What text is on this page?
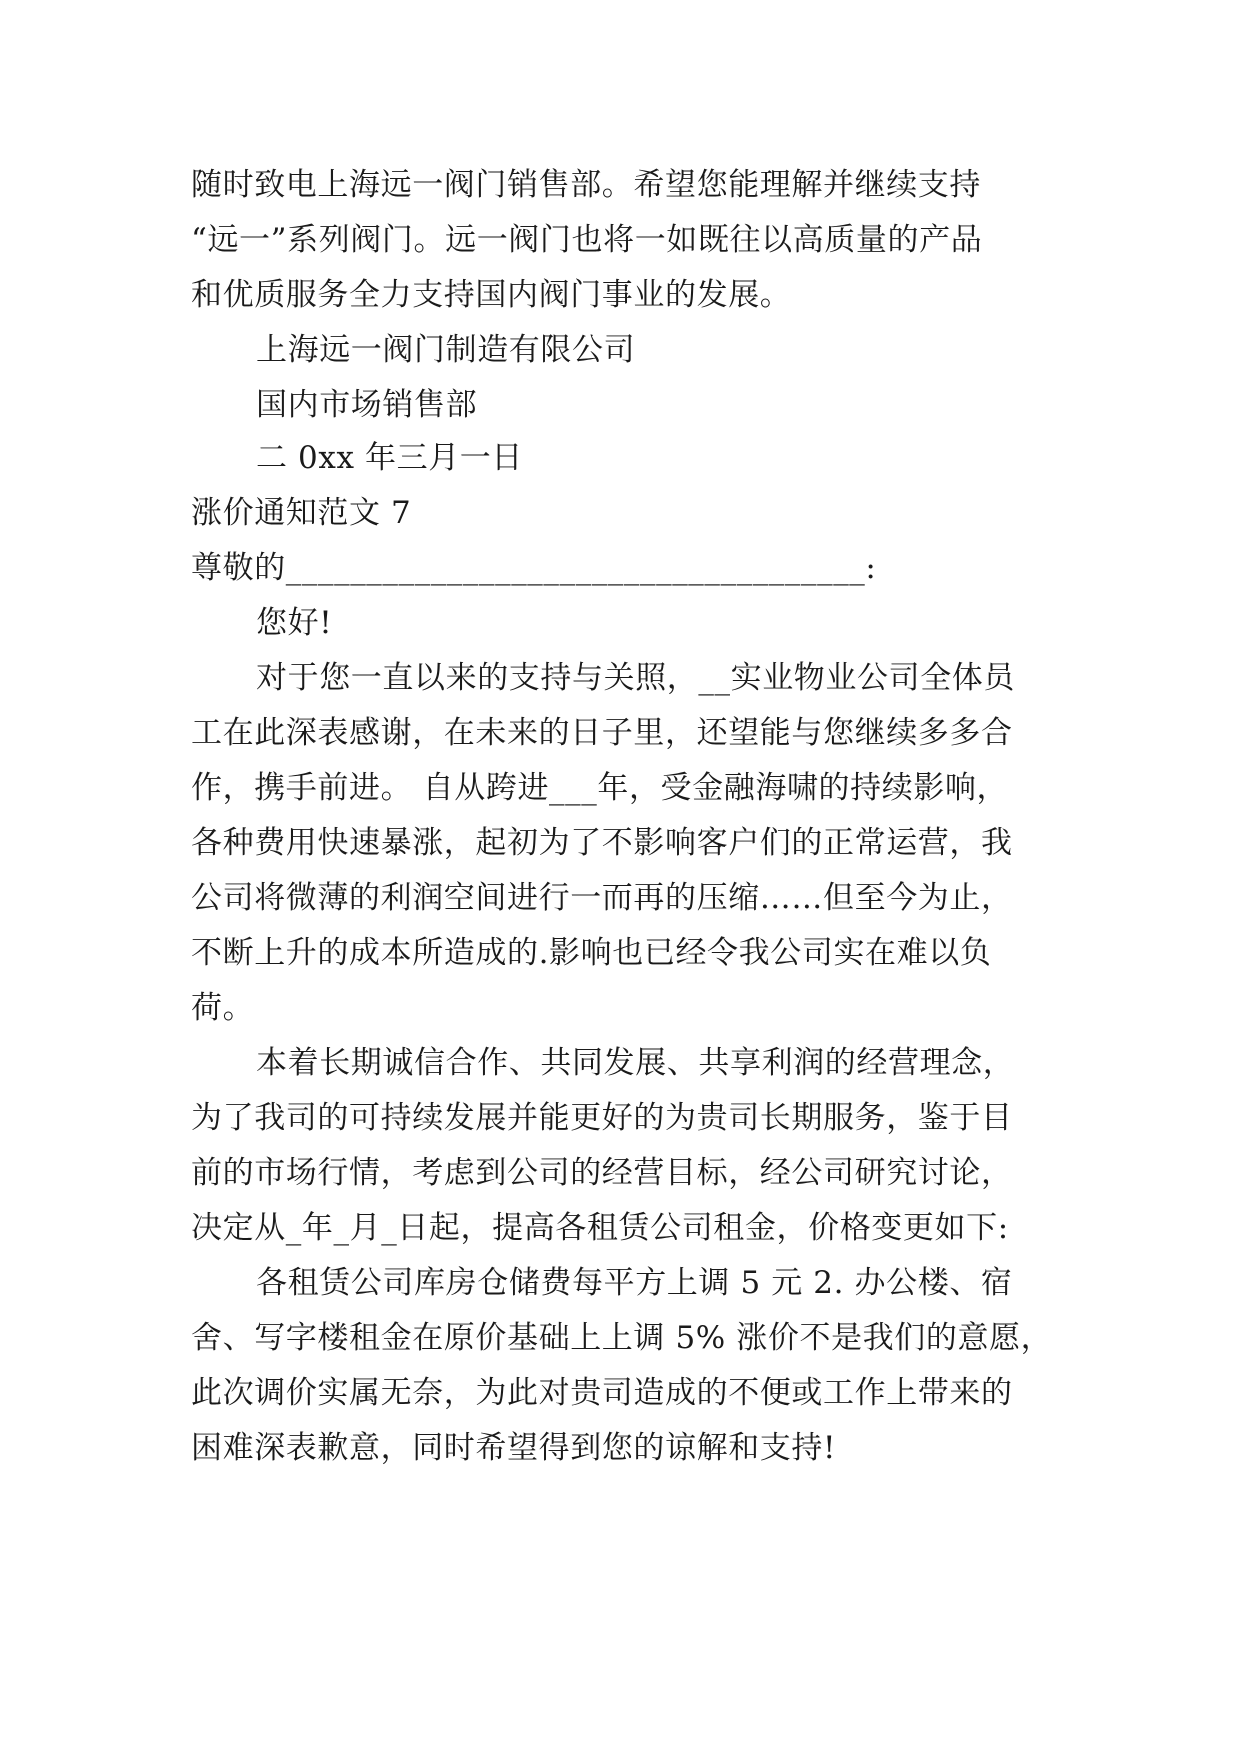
随时致电上海远一阀门销售部。希望您能理解并继续支持
“远一”系列阀门。远一阀门也将一如既往以高质量的产品
和优质服务全力支持国内阀门事业的发展。
上海远一阀门制造有限公司
国内市场销售部
二 0xx 年三月一日
涨价通知范文 7
尊敬的____________________________________:
您好!
对于您一直以来的支持与关照，__实业物业公司全体员
工在此深表感谢，在未来的日子里，还望能与您继续多多合
作，携手前进。 自从跨进___年，受金融海啸的持续影响，
各种费用快速暴涨，起初为了不影响客户们的正常运营，我
公司将微薄的利润空间进行一而再的压缩……但至今为止，
不断上升的成本所造成的.影响也已经令我公司实在难以负
荷。
本着长期诚信合作、共同发展、共享利润的经营理念，
为了我司的可持续发展并能更好的为贵司长期服务，鉴于目
前的市场行情，考虑到公司的经营目标，经公司研究讨论，
决定从_年_月_日起，提高各租赁公司租金，价格变更如下:
各租赁公司库房仓储费每平方上调 5 元 2. 办公楼、宿
舍、写字楼租金在原价基础上上调 5% 涨价不是我们的意愿，
此次调价实属无奈，为此对贵司造成的不便或工作上带来的
困难深表歉意，同时希望得到您的谅解和支持!
